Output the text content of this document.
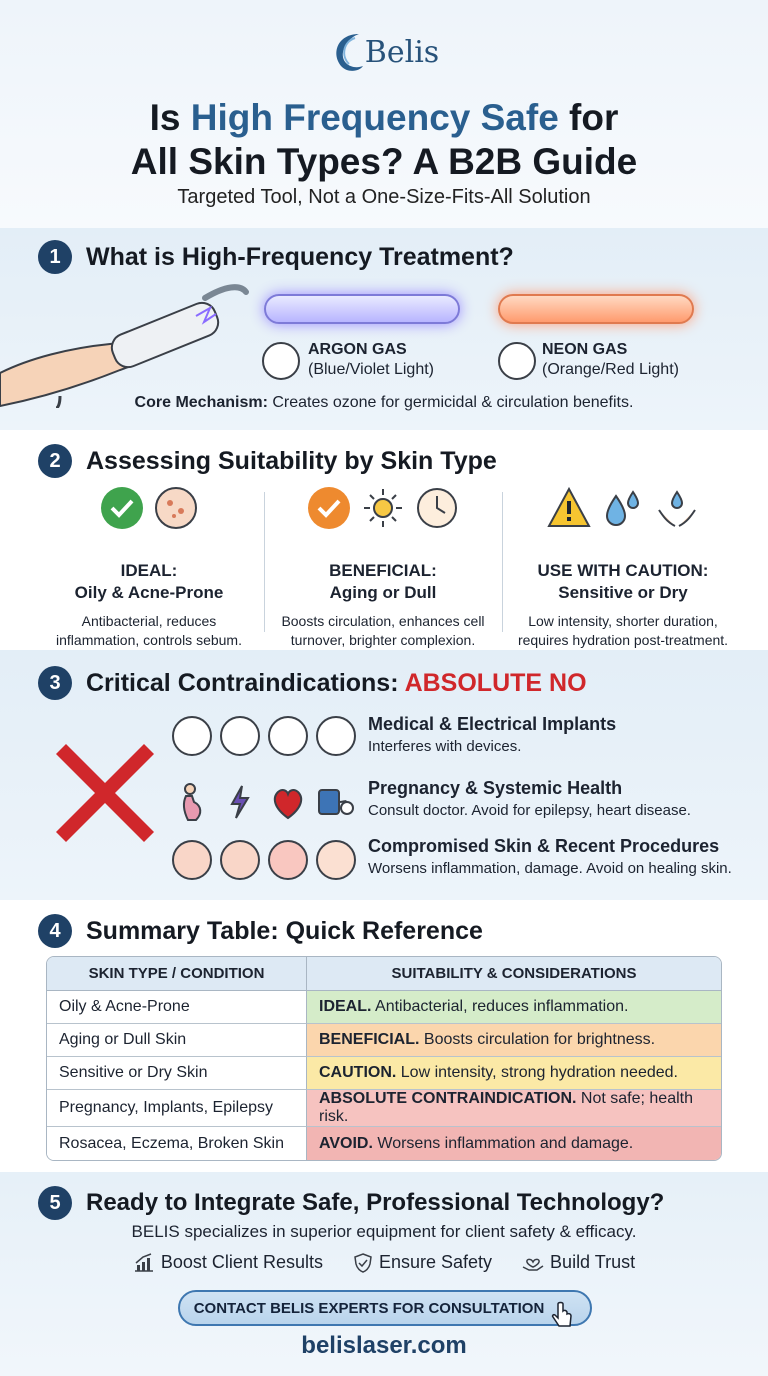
Belis
Is High Frequency Safe for
All Skin Types? A B2B Guide
Targeted Tool, Not a One-Size-Fits-All Solution
1	What is High-Frequency Treatment?
ARGON GAS
(Blue/Violet Light)
NEON GAS
(Orange/Red Light)
Core Mechanism: Creates ozone for germicidal & circulation benefits.
2	Assessing Suitability by Skin Type
IDEAL:
Oily & Acne-Prone
Antibacterial, reduces
inflammation, controls sebum.
BENEFICIAL:
Aging or Dull
Boosts circulation, enhances cell
turnover, brighter complexion.
USE WITH CAUTION:
Sensitive or Dry
Low intensity, shorter duration,
requires hydration post-treatment.
3	Critical Contraindications: ABSOLUTE NO
Medical & Electrical Implants
Interferes with devices.
Pregnancy & Systemic Health
Consult doctor. Avoid for epilepsy, heart disease.
Compromised Skin & Recent Procedures
Worsens inflammation, damage. Avoid on healing skin.
4	Summary Table: Quick Reference
SKIN TYPE / CONDITION	SUITABILITY & CONSIDERATIONS
Oily & Acne-Prone	IDEAL. Antibacterial, reduces inflammation.
Aging or Dull Skin	BENEFICIAL. Boosts circulation for brightness.
Sensitive or Dry Skin	CAUTION. Low intensity, strong hydration needed.
Pregnancy, Implants, Epilepsy	ABSOLUTE CONTRAINDICATION. Not safe; health risk.
Rosacea, Eczema, Broken Skin	AVOID. Worsens inflammation and damage.
5	Ready to Integrate Safe, Professional Technology?
BELIS specializes in superior equipment for client safety & efficacy.
Boost Client Results	Ensure Safety	Build Trust
CONTACT BELIS EXPERTS FOR CONSULTATION
belislaser.com
